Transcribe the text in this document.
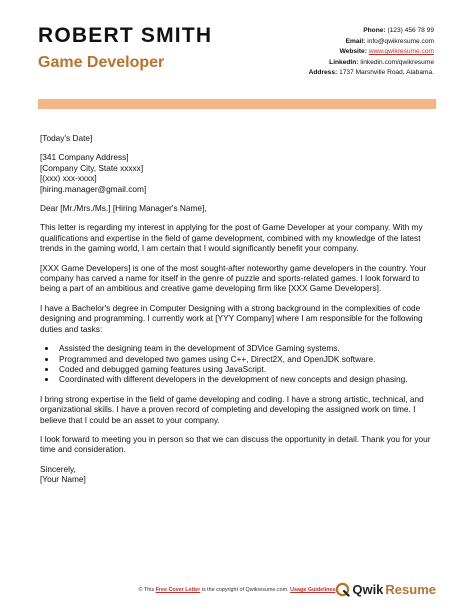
ROBERT SMITH
Game Developer
Phone: (123) 456 78 99
Email: info@qwikresume.com
Website: www.qwikresume.com
LinkedIn: linkedin.com/qwikresume
Address: 1737 Marshville Road, Alabama.

[Today's Date]

[341 Company Address]
[Company City, State xxxxx]
[(xxx) xxx-xxxx]
[hiring.manager@gmail.com]

Dear [Mr./Mrs./Ms.] [Hiring Manager's Name],

This letter is regarding my interest in applying for the post of Game Developer at your company. With my qualifications and expertise in the field of game development, combined with my knowledge of the latest trends in the gaming world, I am certain that I would significantly benefit your company.

[XXX Game Developers] is one of the most sought-after noteworthy game developers in the country. Your company has carved a name for itself in the genre of puzzle and sports-related games. I look forward to being a part of an ambitious and creative game developing firm like [XXX Game Developers].

I have a Bachelor's degree in Computer Designing with a strong background in the complexities of code designing and programming. I currently work at [YYY Company] where I am responsible for the following duties and tasks:

• Assisted the designing team in the development of 3DVice Gaming systems.
• Programmed and developed two games using C++, Direct2X, and OpenJDK software.
• Coded and debugged gaming features using JavaScript.
• Coordinated with different developers in the development of new concepts and design phasing.

I bring strong expertise in the field of game developing and coding. I have a strong artistic, technical, and organizational skills. I have a proven record of completing and developing the assigned work on time. I believe that I could be an asset to your company.

I look forward to meeting you in person so that we can discuss the opportunity in detail. Thank you for your time and consideration.

Sincerely,
[Your Name]
© This Free Cover Letter is the copyright of Qwikresume.com. Usage Guidelines	Qwik Resume
